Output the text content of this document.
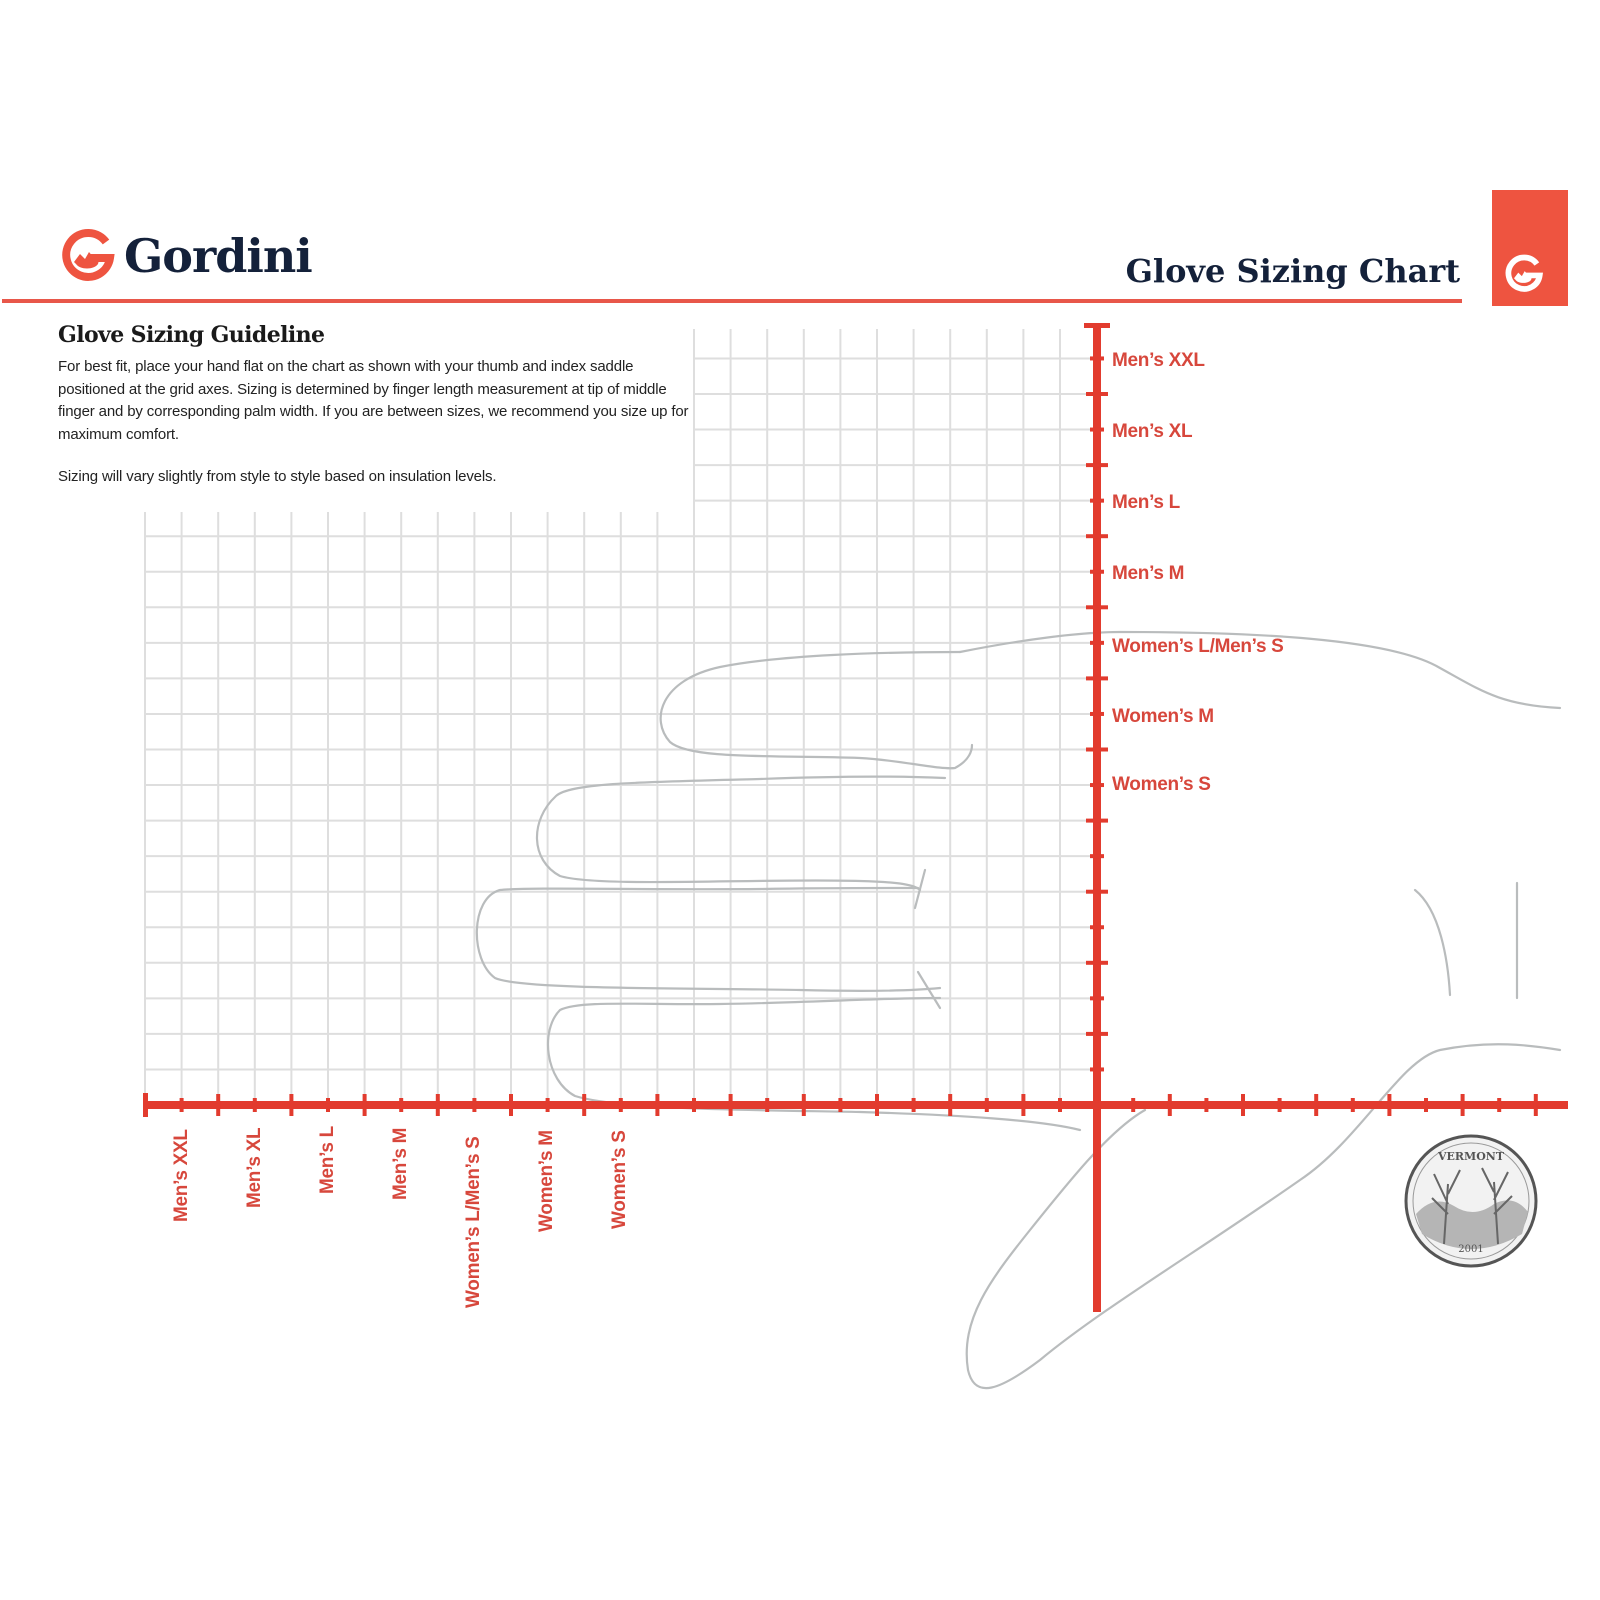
Gordini	Glove Sizing Chart
Glove Sizing Guideline

For best fit, place your hand flat on the chart as shown with your thumb and index saddle positioned at the grid axes. Sizing is determined by finger length measurement at tip of middle finger and by corresponding palm width. If you are between sizes, we recommend you size up for maximum comfort.

Sizing will vary slightly from style to style based on insulation levels.

Men’s XXL
Men’s XL
Men’s L
Men’s M
Women’s L/Men’s S
Women’s M
Women’s S
Men’s XXL	Men’s XL	Men’s L	Men’s M	Women’s L/Men’s S	Women’s M	Women’s S	VERMONT
2001
